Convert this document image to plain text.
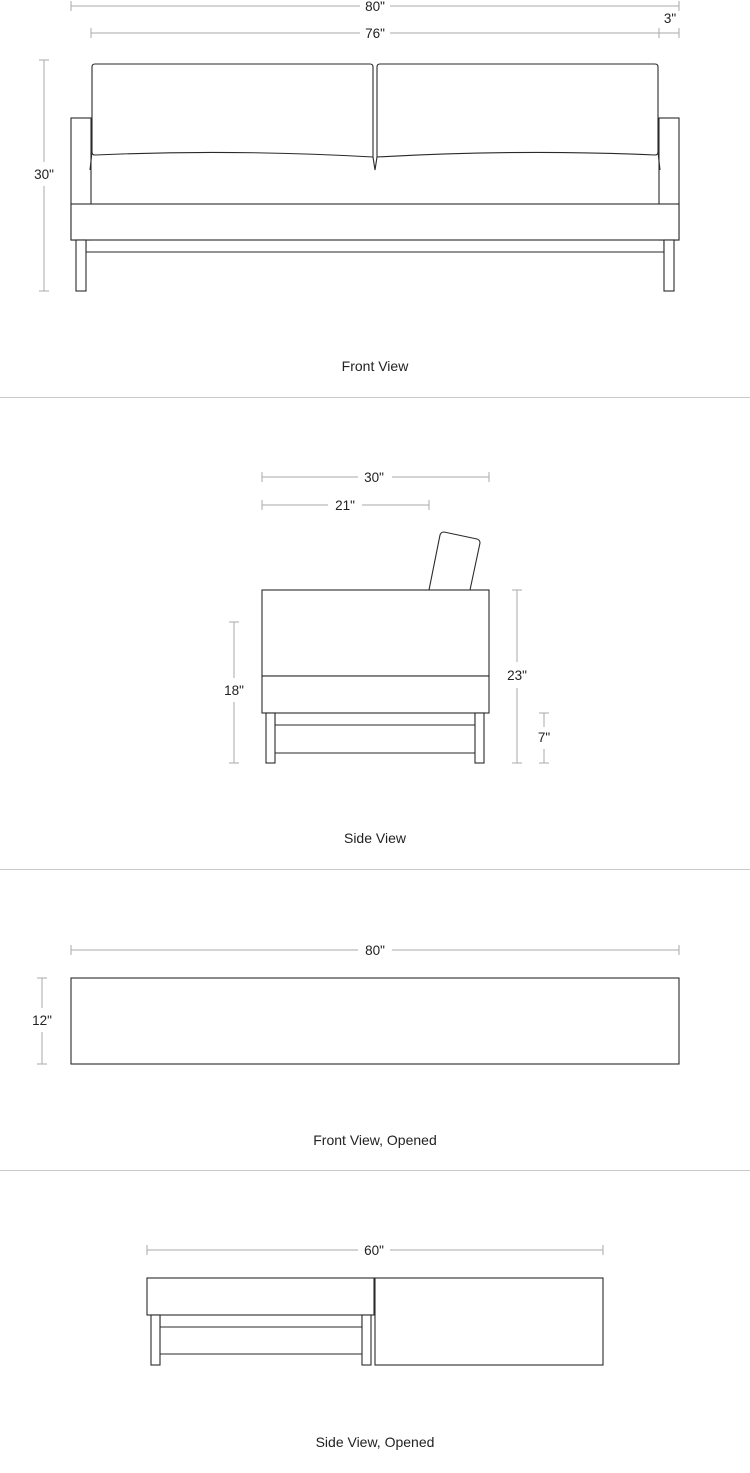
80"
3"
76"
30"
Front View
30"
21"
18"
23"
7"
Side View
80"
12"
Front View, Opened
60"
Side View, Opened
